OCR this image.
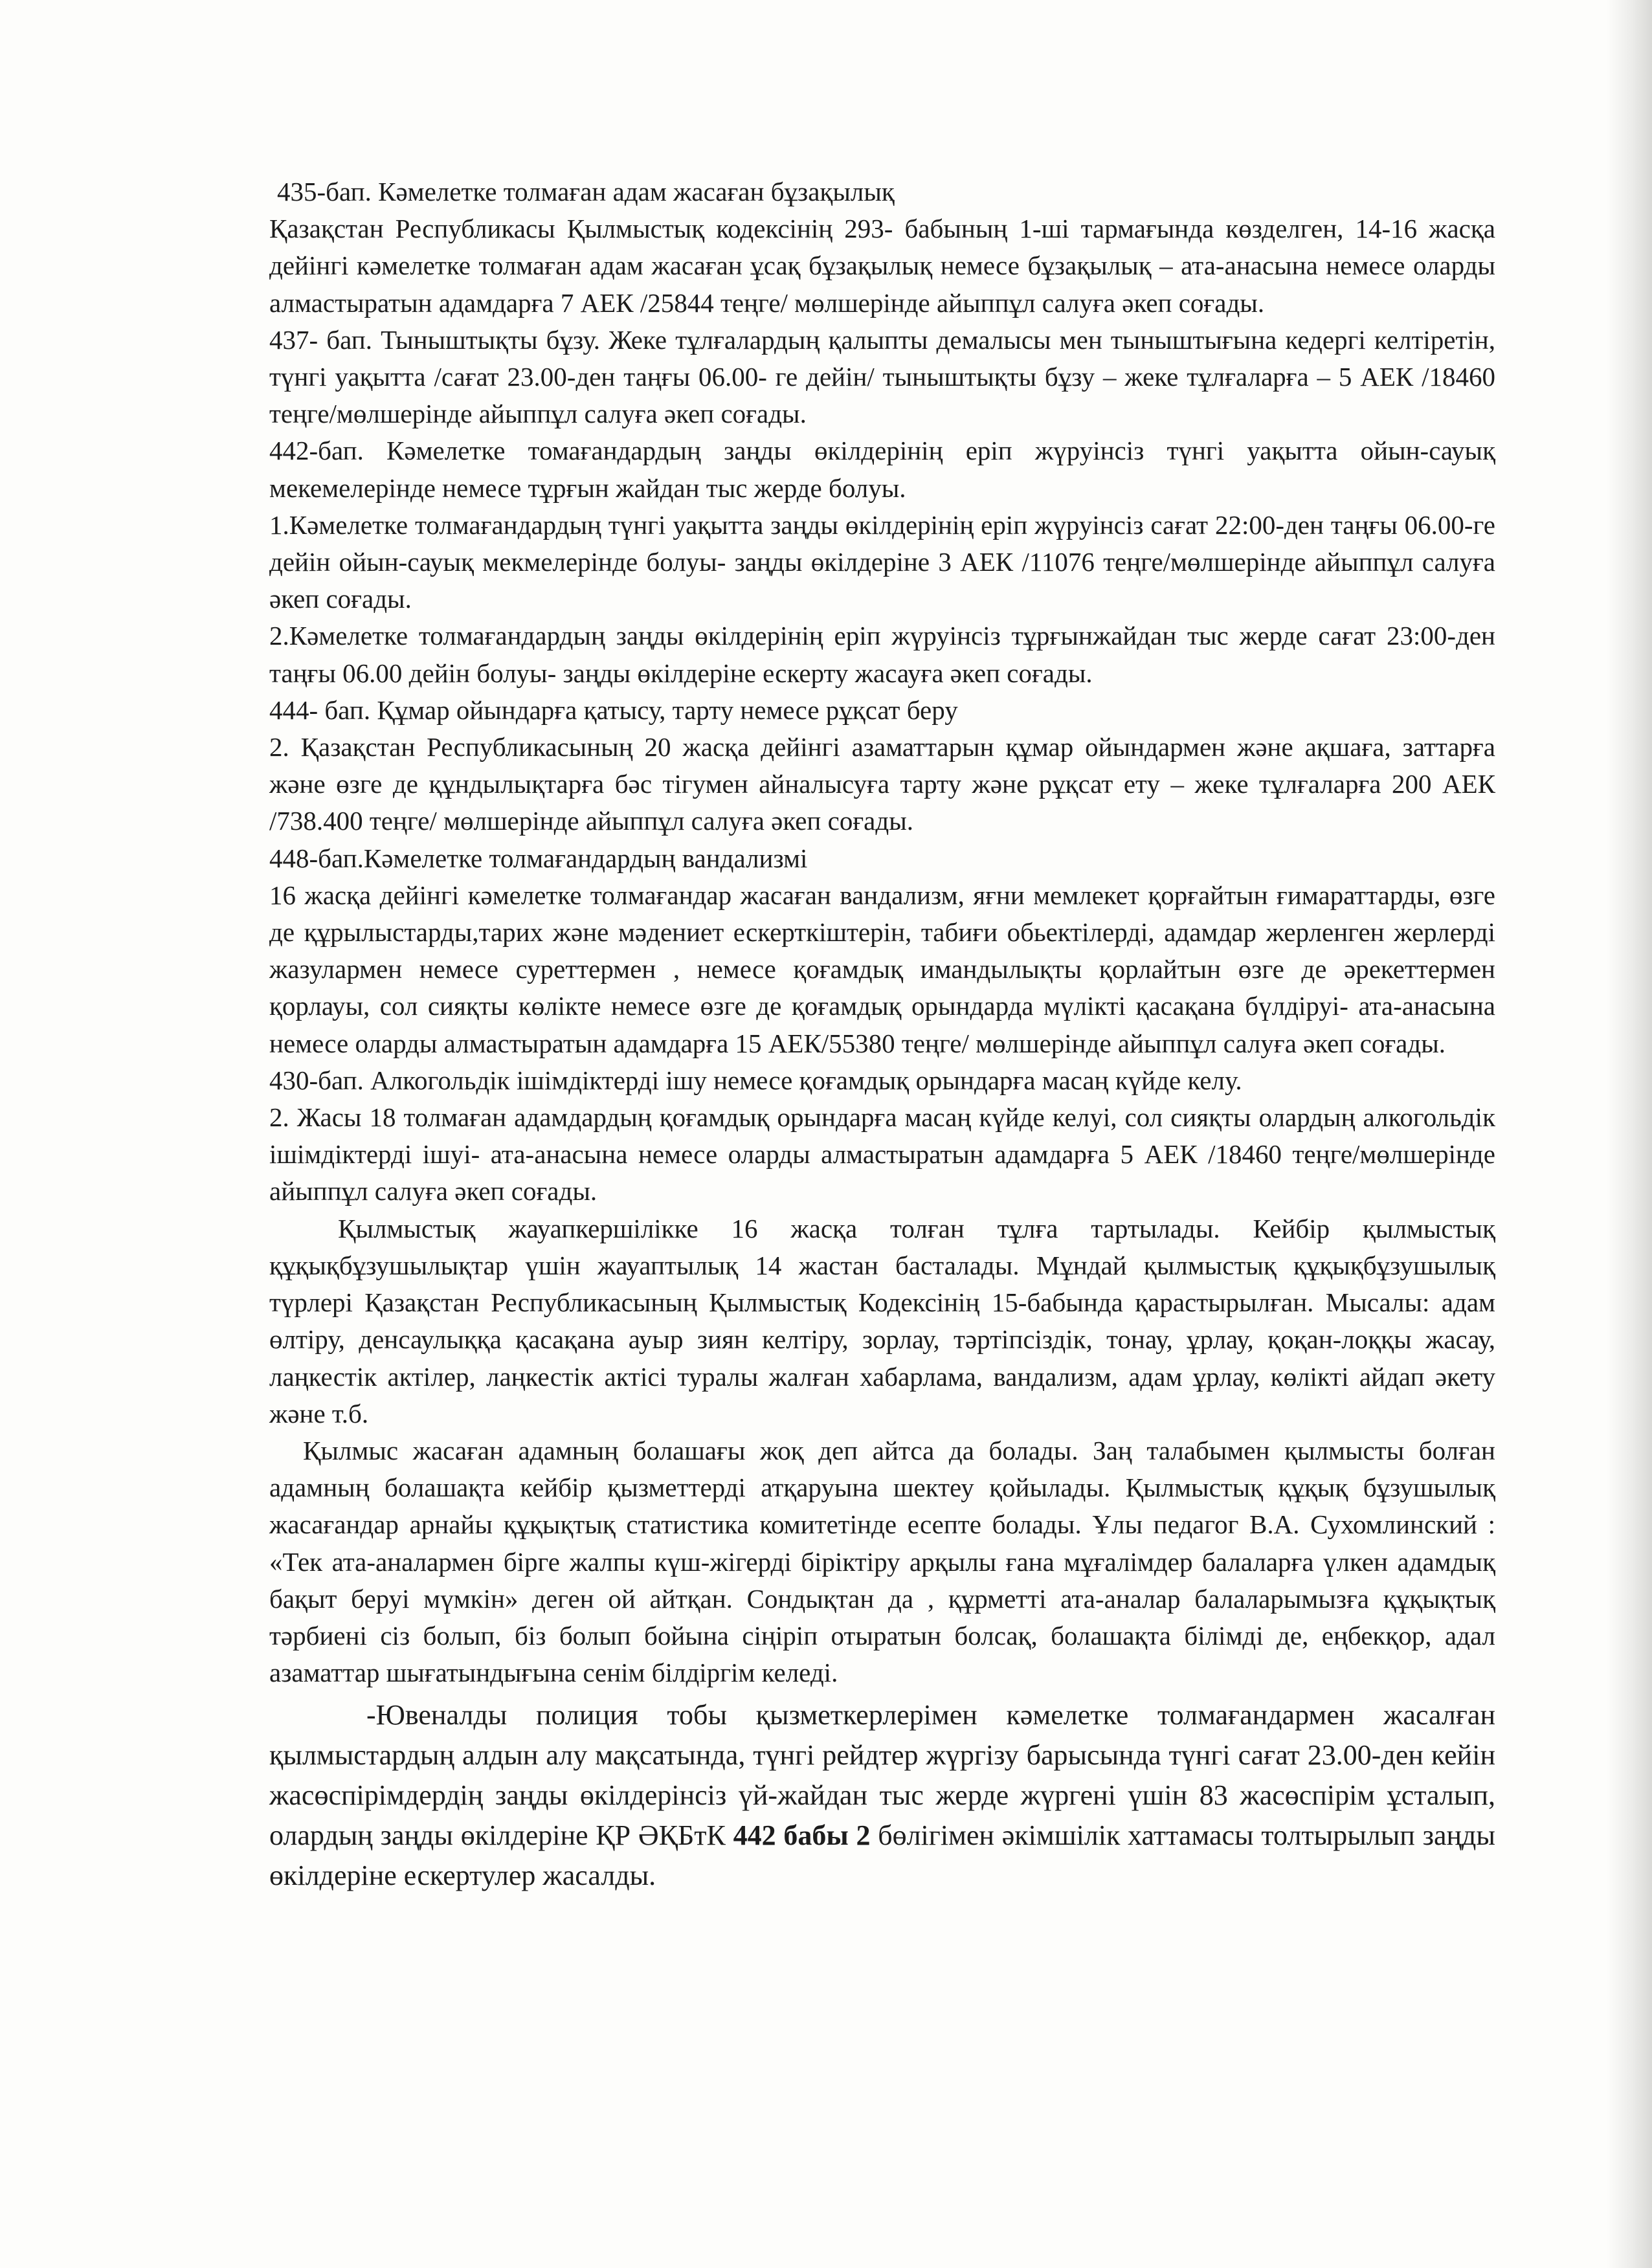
435-бап. Кәмелетке толмаған адам жасаған бұзақылық

Қазақстан Республикасы Қылмыстық кодексінің 293- бабының 1-ші тармағында көзделген, 14-16 жасқа дейінгі кәмелетке толмаған адам жасаған ұсақ бұзақылық немесе бұзақылық – ата-анасына немесе оларды алмастыратын адамдарға 7 АЕК /25844 теңге/ мөлшерінде айыппұл салуға әкеп соғады.

437- бап. Тыныштықты бұзу. Жеке тұлғалардың қалыпты демалысы мен тыныштығына кедергі келтіретін, түнгі уақытта /сағат 23.00-ден таңғы 06.00- ге дейін/ тыныштықты бұзу – жеке тұлғаларға – 5 АЕК /18460 теңге/мөлшерінде айыппұл салуға әкеп соғады.

442-бап. Кәмелетке томағандардың заңды өкілдерінің еріп жүруінсіз түнгі уақытта ойын-сауық мекемелерінде немесе тұрғын жайдан тыс жерде болуы.

1.Кәмелетке толмағандардың түнгі уақытта заңды өкілдерінің еріп жүруінсіз сағат 22:00-ден таңғы 06.00-ге дейін ойын-сауық мекмелерінде болуы- заңды өкілдеріне 3 АЕК /11076 теңге/мөлшерінде айыппұл салуға әкеп соғады.

2.Кәмелетке толмағандардың заңды өкілдерінің еріп жүруінсіз тұрғынжайдан тыс жерде сағат 23:00-ден таңғы 06.00 дейін болуы- заңды өкілдеріне ескерту жасауға әкеп соғады.

444- бап. Құмар ойындарға қатысу, тарту немесе рұқсат беру

2. Қазақстан Республикасының 20 жасқа дейінгі азаматтарын құмар ойындармен және ақшаға, заттарға және өзге де құндылықтарға бәс тігумен айналысуға тарту және рұқсат ету – жеке тұлғаларға 200 АЕК /738.400 теңге/ мөлшерінде айыппұл салуға әкеп соғады.

448-бап.Кәмелетке толмағандардың вандализмі

16 жасқа дейінгі кәмелетке толмағандар жасаған вандализм, яғни мемлекет қорғайтын ғимараттарды, өзге де құрылыстарды,тарих және мәдениет ескерткіштерін, табиғи обьектілерді, адамдар жерленген жерлерді жазулармен немесе суреттермен , немесе қоғамдық имандылықты қорлайтын өзге де әрекеттермен қорлауы, сол сияқты көлікте немесе өзге де қоғамдық орындарда мүлікті қасақана бүлдіруі- ата-анасына немесе оларды алмастыратын адамдарға 15 АЕК/55380 теңге/ мөлшерінде айыппұл салуға әкеп соғады.

430-бап. Алкогольдік ішімдіктерді ішу немесе қоғамдық орындарға масаң күйде келу.

2. Жасы 18 толмаған адамдардың қоғамдық орындарға масаң күйде келуі, сол сияқты олардың алкогольдік ішімдіктерді ішуі- ата-анасына немесе оларды алмастыратын адамдарға 5 АЕК /18460 теңге/мөлшерінде айыппұл салуға әкеп соғады.

Қылмыстық жауапкершілікке 16 жасқа толған тұлға тартылады. Кейбір қылмыстық құқықбұзушылықтар үшін жауаптылық 14 жастан басталады. Мұндай қылмыстық құқықбұзушылық түрлері Қазақстан Республикасының Қылмыстық Кодексінің 15-бабында қарастырылған. Мысалы: адам өлтіру, денсаулыққа қасақана ауыр зиян келтіру, зорлау, тәртіпсіздік, тонау, ұрлау, қоқан-лоққы жасау, лаңкестік актілер, лаңкестік актісі туралы жалған хабарлама, вандализм, адам ұрлау, көлікті айдап әкету және т.б.

Қылмыс жасаған адамның болашағы жоқ деп айтса да болады. Заң талабымен қылмысты болған адамның болашақта кейбір қызметтерді атқаруына шектеу қойылады. Қылмыстық құқық бұзушылық жасағандар арнайы құқықтық статистика комитетінде есепте болады. Ұлы педагог В.А. Сухомлинский : «Тек ата-аналармен бірге жалпы күш-жігерді біріктіру арқылы ғана мұғалімдер балаларға үлкен адамдық бақыт беруі мүмкін» деген ой айтқан. Сондықтан да , құрметті ата-аналар балаларымызға құқықтық тәрбиені сіз болып, біз болып бойына сіңіріп отыратын болсақ, болашақта білімді де, еңбекқор, адал азаматтар шығатындығына сенім білдіргім келеді.

-Ювеналды полиция тобы қызметкерлерімен кәмелетке толмағандармен жасалған қылмыстардың алдын алу мақсатында, түнгі рейдтер жүргізу барысында түнгі сағат 23.00-ден кейін жасөспірімдердің заңды өкілдерінсіз үй-жайдан тыс жерде жүргені үшін 83 жасөспірім ұсталып, олардың заңды өкілдеріне ҚР ӘҚБтК 442 бабы 2 бөлігімен әкімшілік хаттамасы толтырылып заңды өкілдеріне ескертулер жасалды.
